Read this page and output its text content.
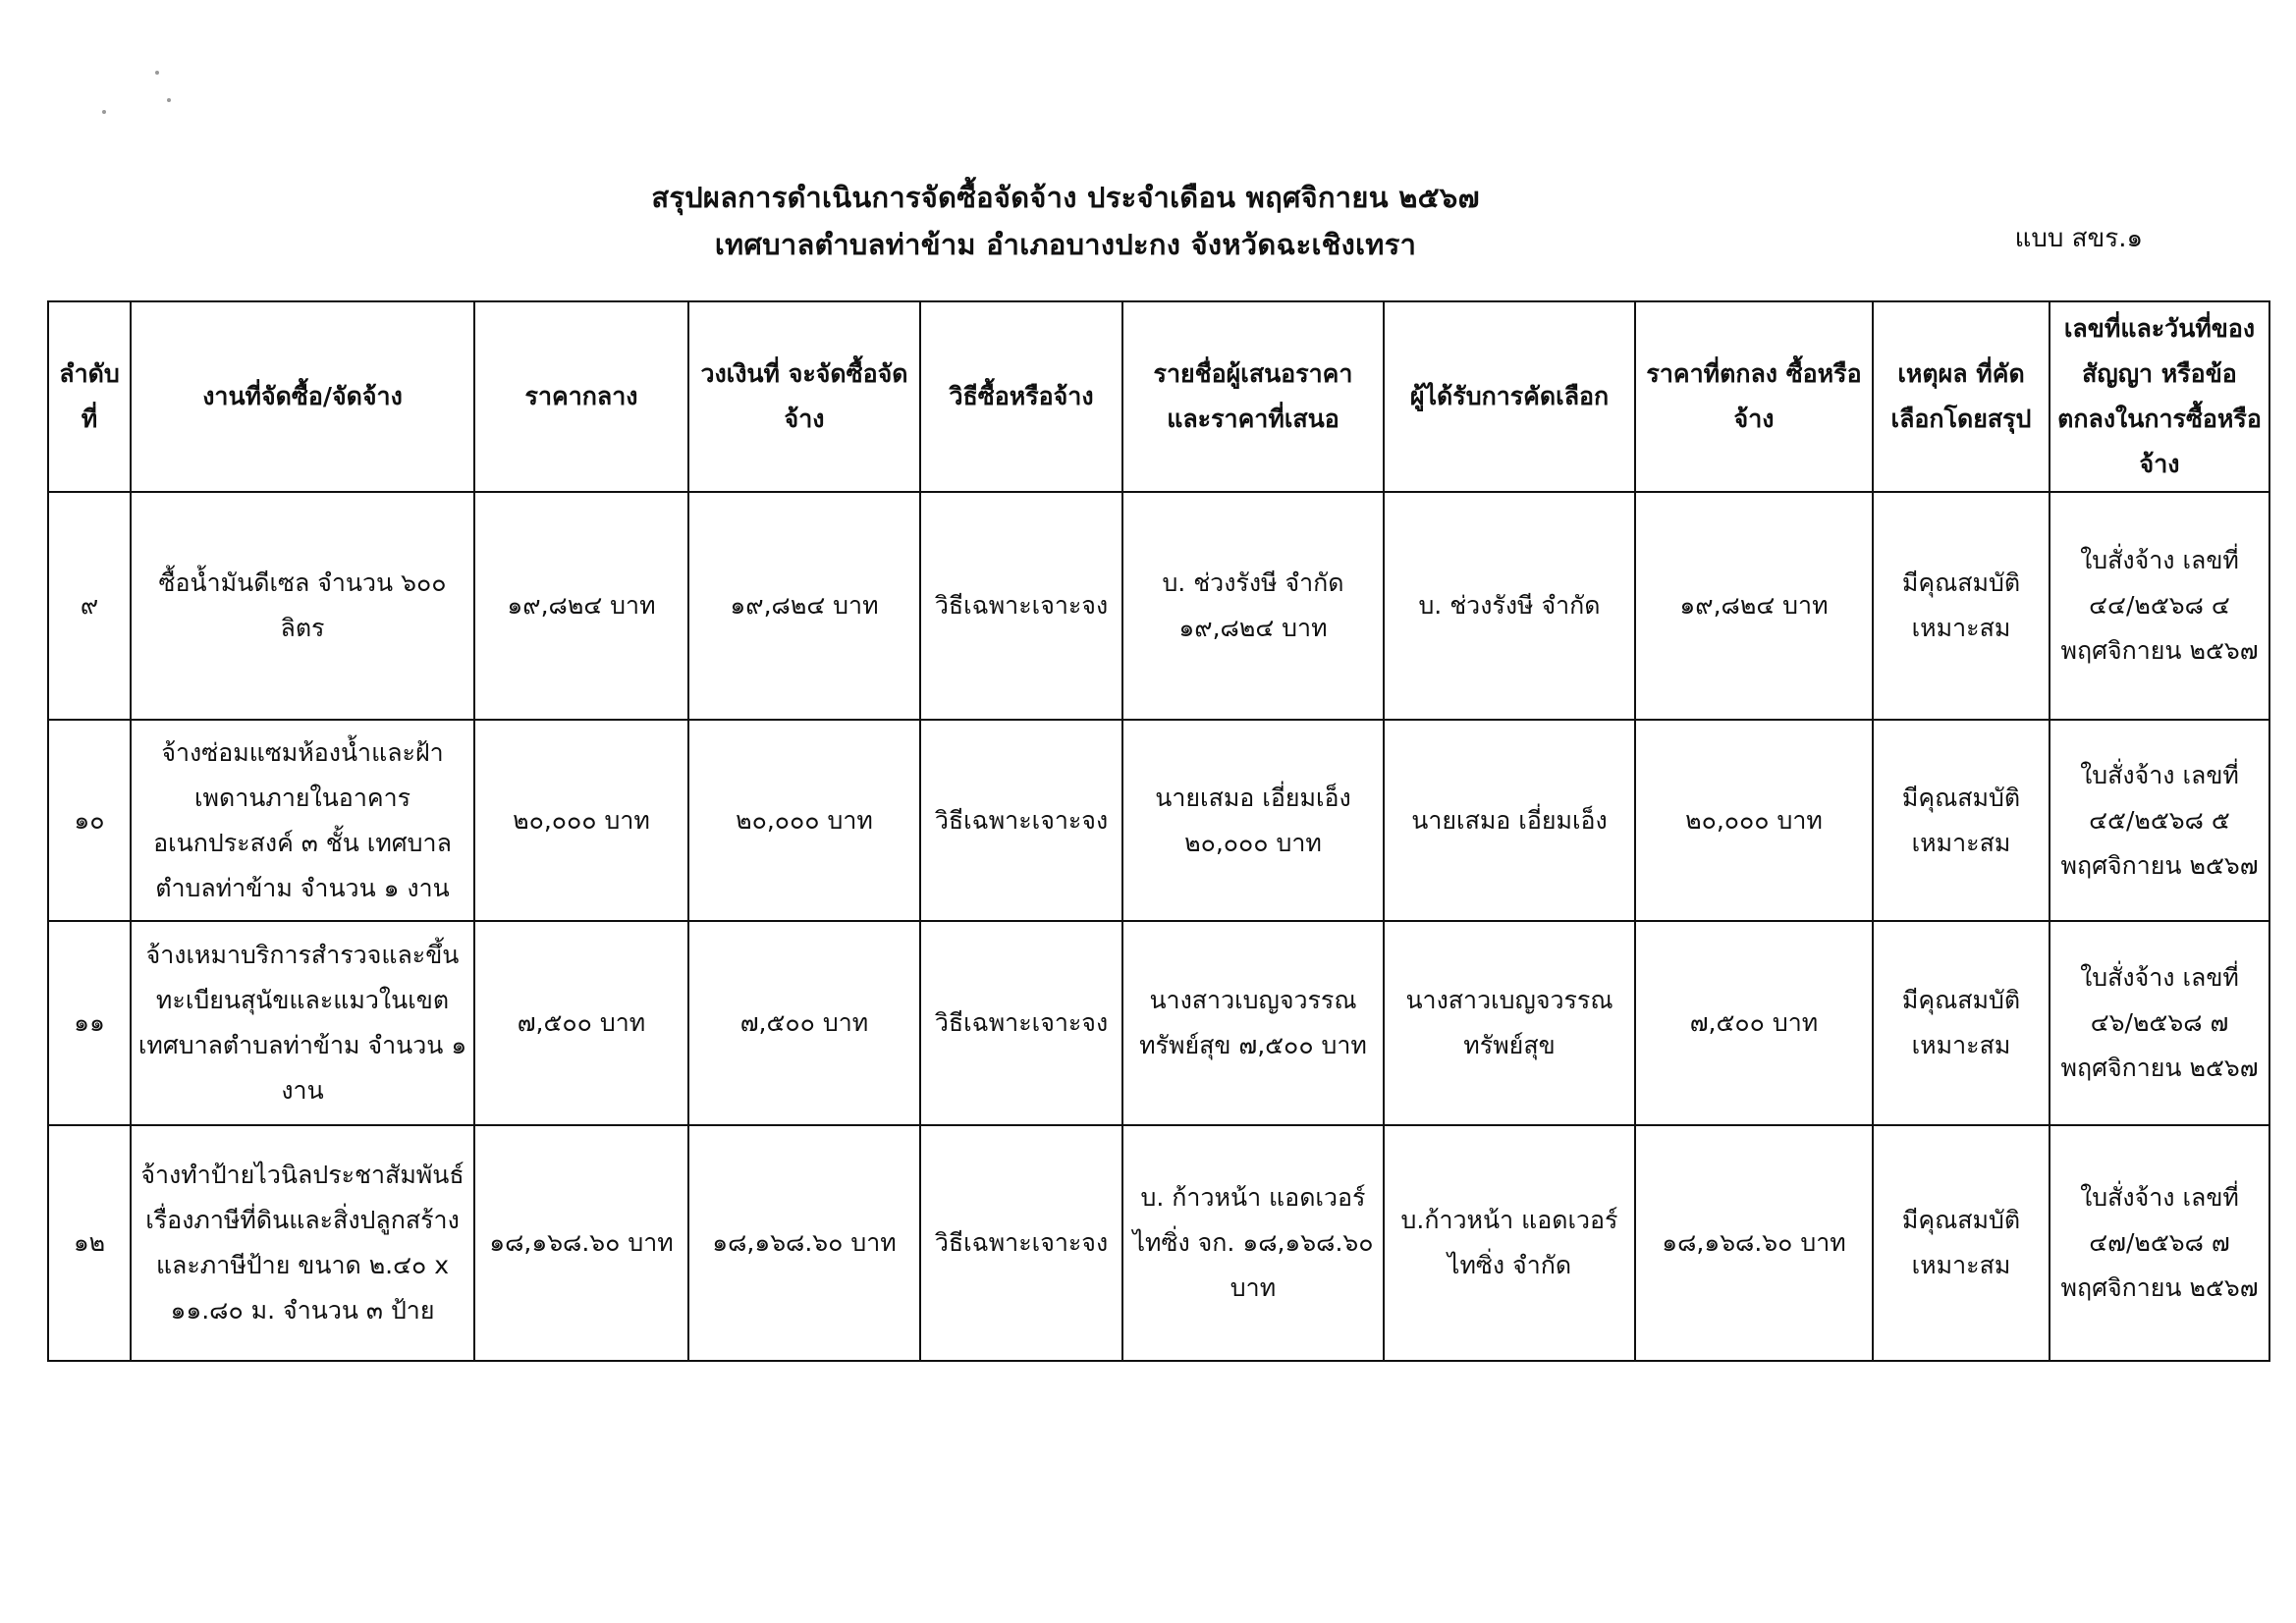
สรุปผลการดำเนินการจัดซื้อจัดจ้าง ประจำเดือน พฤศจิกายน ๒๕๖๗
เทศบาลตำบลท่าข้าม อำเภอบางปะกง จังหวัดฉะเชิงเทรา	แบบ สขร.๑
ลำดับที่	งานที่จัดซื้อ/จัดจ้าง	ราคากลาง	วงเงินที่ จะจัดซื้อจัดจ้าง	วิธีซื้อหรือจ้าง	รายชื่อผู้เสนอราคา และราคาที่เสนอ	ผู้ได้รับการคัดเลือก	ราคาที่ตกลง ซื้อหรือจ้าง	เหตุผล ที่คัดเลือกโดยสรุป	เลขที่และวันที่ของสัญญา หรือข้อตกลงในการซื้อหรือจ้าง
๙	ซื้อน้ำมันดีเซล จำนวน ๖๐๐ ลิตร	๑๙,๘๒๔ บาท	๑๙,๘๒๔ บาท	วิธีเฉพาะเจาะจง	บ. ช่วงรังษี จำกัด ๑๙,๘๒๔ บาท	บ. ช่วงรังษี จำกัด	๑๙,๘๒๔ บาท	มีคุณสมบัติ เหมาะสม	ใบสั่งจ้าง เลขที่ ๔๔/๒๕๖๘ ๔ พฤศจิกายน ๒๕๖๗
๑๐	จ้างซ่อมแซมห้องน้ำและฝ้าเพดานภายในอาคารอเนกประสงค์ ๓ ชั้น เทศบาลตำบลท่าข้าม จำนวน ๑ งาน	๒๐,๐๐๐ บาท	๒๐,๐๐๐ บาท	วิธีเฉพาะเจาะจง	นายเสมอ เอี่ยมเอ็ง ๒๐,๐๐๐ บาท	นายเสมอ เอี่ยมเอ็ง	๒๐,๐๐๐ บาท	มีคุณสมบัติ เหมาะสม	ใบสั่งจ้าง เลขที่ ๔๕/๒๕๖๘ ๕ พฤศจิกายน ๒๕๖๗
๑๑	จ้างเหมาบริการสำรวจและขึ้นทะเบียนสุนัขและแมวในเขตเทศบาลตำบลท่าข้าม จำนวน ๑ งาน	๗,๕๐๐ บาท	๗,๕๐๐ บาท	วิธีเฉพาะเจาะจง	นางสาวเบญจวรรณ ทรัพย์สุข ๗,๕๐๐ บาท	นางสาวเบญจวรรณ ทรัพย์สุข	๗,๕๐๐ บาท	มีคุณสมบัติ เหมาะสม	ใบสั่งจ้าง เลขที่ ๔๖/๒๕๖๘ ๗ พฤศจิกายน ๒๕๖๗
๑๒	จ้างทำป้ายไวนิลประชาสัมพันธ์เรื่องภาษีที่ดินและสิ่งปลูกสร้างและภาษีป้าย ขนาด ๒.๔๐ x ๑๑.๘๐ ม. จำนวน ๓ ป้าย	๑๘,๑๖๘.๖๐ บาท	๑๘,๑๖๘.๖๐ บาท	วิธีเฉพาะเจาะจง	บ. ก้าวหน้า แอดเวอร์ไทซิ่ง จก. ๑๘,๑๖๘.๖๐ บาท	บ.ก้าวหน้า แอดเวอร์ไทซิ่ง จำกัด	๑๘,๑๖๘.๖๐ บาท	มีคุณสมบัติ เหมาะสม	ใบสั่งจ้าง เลขที่ ๔๗/๒๕๖๘ ๗ พฤศจิกายน ๒๕๖๗
